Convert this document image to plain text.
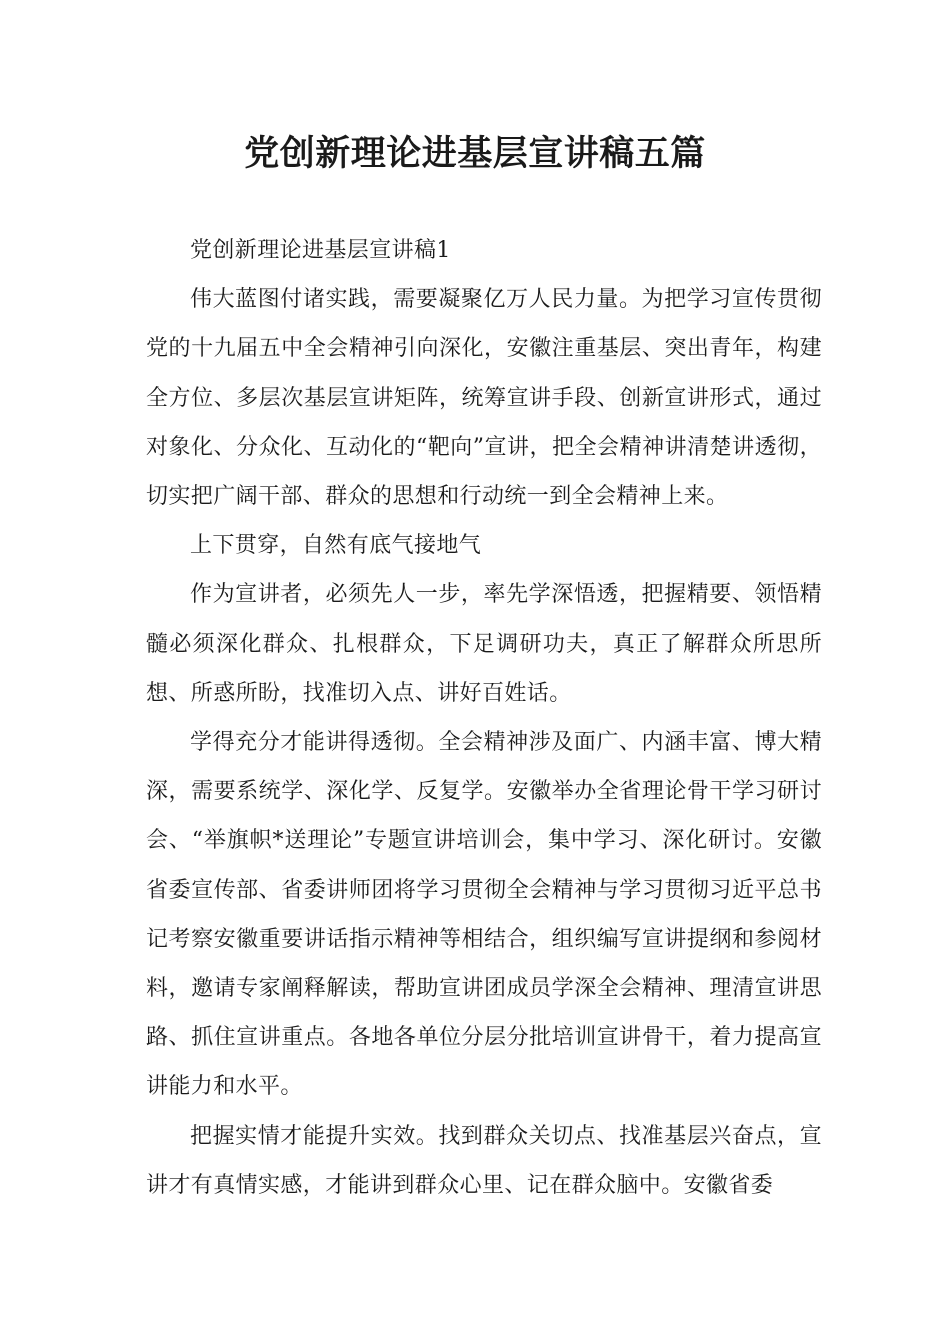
党创新理论进基层宣讲稿五篇

党创新理论进基层宣讲稿1

伟大蓝图付诸实践，需要凝聚亿万人民力量。为把学习宣传贯彻党的十九届五中全会精神引向深化，安徽注重基层、突出青年，构建全方位、多层次基层宣讲矩阵，统筹宣讲手段、创新宣讲形式，通过对象化、分众化、互动化的“靶向”宣讲，把全会精神讲清楚讲透彻，切实把广阔干部、群众的思想和行动统一到全会精神上来。

上下贯穿，自然有底气接地气

作为宣讲者，必须先人一步，率先学深悟透，把握精要、领悟精髓必须深化群众、扎根群众，下足调研功夫，真正了解群众所思所想、所惑所盼，找准切入点、讲好百姓话。

学得充分才能讲得透彻。全会精神涉及面广、内涵丰富、博大精深，需要系统学、深化学、反复学。安徽举办全省理论骨干学习研讨会、“举旗帜*送理论”专题宣讲培训会，集中学习、深化研讨。安徽省委宣传部、省委讲师团将学习贯彻全会精神与学习贯彻习近平总书记考察安徽重要讲话指示精神等相结合，组织编写宣讲提纲和参阅材料，邀请专家阐释解读，帮助宣讲团成员学深全会精神、理清宣讲思路、抓住宣讲重点。各地各单位分层分批培训宣讲骨干，着力提高宣讲能力和水平。

把握实情才能提升实效。找到群众关切点、找准基层兴奋点，宣讲才有真情实感，才能讲到群众心里、记在群众脑中。安徽省委
